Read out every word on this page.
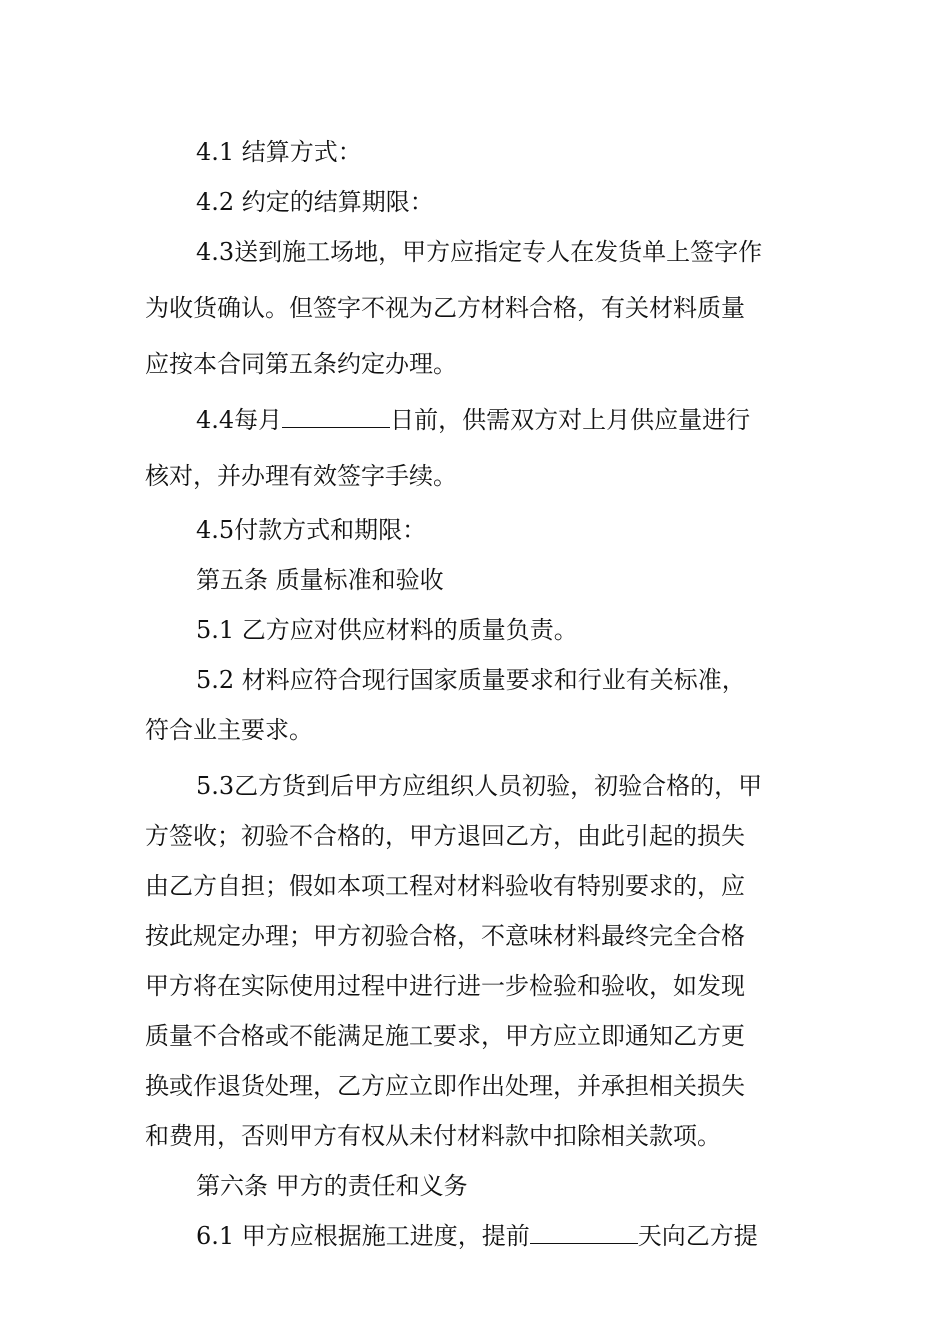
4.1 结算方式：
4.2 约定的结算期限：
4.3送到施工场地，甲方应指定专人在发货单上签字作
为收货确认。但签字不视为乙方材料合格，有关材料质量
应按本合同第五条约定办理。
4.4每月	日前，供需双方对上月供应量进行
核对，并办理有效签字手续。
4.5付款方式和期限：
第五条 质量标准和验收
5.1 乙方应对供应材料的质量负责。
5.2 材料应符合现行国家质量要求和行业有关标准，
符合业主要求。
5.3乙方货到后甲方应组织人员初验，初验合格的，甲
方签收；初验不合格的，甲方退回乙方，由此引起的损失
由乙方自担；假如本项工程对材料验收有特别要求的，应
按此规定办理；甲方初验合格，不意味材料最终完全合格
甲方将在实际使用过程中进行进一步检验和验收，如发现
质量不合格或不能满足施工要求，甲方应立即通知乙方更
换或作退货处理，乙方应立即作出处理，并承担相关损失
和费用，否则甲方有权从未付材料款中扣除相关款项。
第六条 甲方的责任和义务
6.1 甲方应根据施工进度，提前	天向乙方提
